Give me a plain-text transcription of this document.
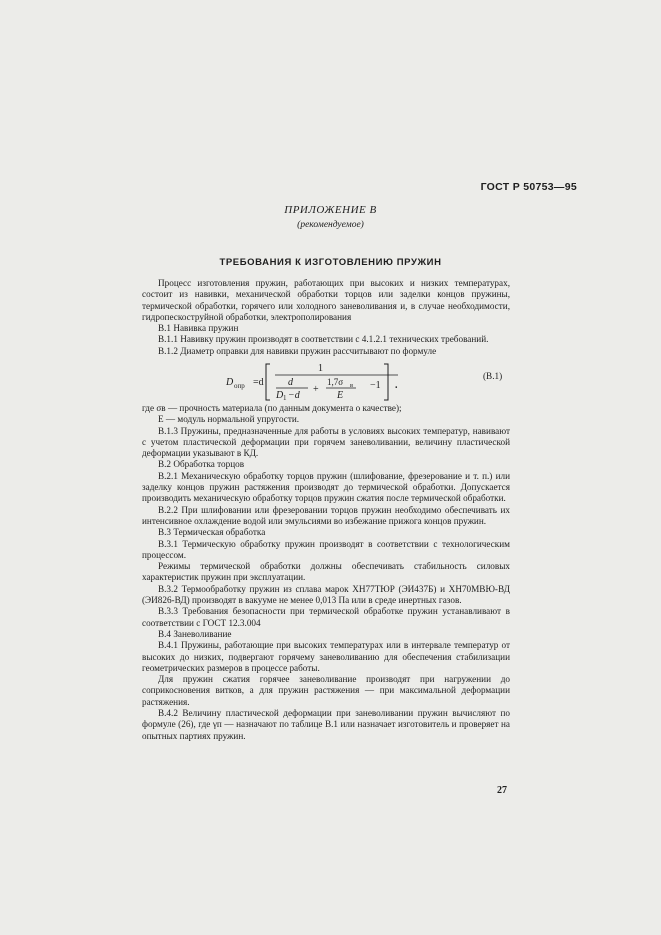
ГОСТ Р 50753—95
ПРИЛОЖЕНИЕ В
(рекомендуемое)
ТРЕБОВАНИЯ К ИЗГОТОВЛЕНИЮ ПРУЖИН

Процесс изготовления пружин, работающих при высоких и низких температурах, состоит из навивки, механической обработки торцов или заделки концов пружины, термической обработки, горячего или холодного заневоливания и, в случае необходимости, гидропескоструйной обработки, электрополирования

В.1 Навивка пружин

В.1.1 Навивку пружин производят в соответствии с 4.1.2.1 технических требований.

В.1.2 Диаметр оправки для навивки пружин рассчитывают по формуле

D опр =d
1
d
D 1 −d
+
1,7σ в
E
−1 .
(В.1)

где σв — прочность материала (по данным документа о качестве);

E — модуль нормальной упругости.

В.1.3 Пружины, предназначенные для работы в условиях высоких температур, навивают с учетом пластической деформации при горячем заневоливании, величину пластической деформации указывают в КД.

В.2 Обработка торцов

В.2.1 Механическую обработку торцов пружин (шлифование, фрезерование и т. п.) или заделку концов пружин растяжения производят до термической обработки. Допускается производить механическую обработку торцов пружин сжатия после термической обработки.

В.2.2 При шлифовании или фрезеровании торцов пружин необходимо обеспечивать их интенсивное охлаждение водой или эмульсиями во избежание прижога концов пружин.

В.3 Термическая обработка

В.3.1 Термическую обработку пружин производят в соответствии с технологическим процессом.

Режимы термической обработки должны обеспечивать стабильность силовых характеристик пружин при эксплуатации.

В.3.2 Термообработку пружин из сплава марок ХН77ТЮР (ЭИ437Б) и ХН70МВЮ-ВД (ЭИ826-ВД) производят в вакууме не менее 0,013 Па или в среде инертных газов.

В.3.3 Требования безопасности при термической обработке пружин устанавливают в соответствии с ГОСТ 12.3.004

В.4 Заневоливание

В.4.1 Пружины, работающие при высоких температурах или в интервале температур от высоких до низких, подвергают горячему заневоливанию для обеспечения стабилизации геометрических размеров в процессе работы.

Для пружин сжатия горячее заневоливание производят при нагружении до соприкосновения витков, а для пружин растяжения — при максимальной деформации растяжения.

В.4.2 Величину пластической деформации при заневоливании пружин вычисляют по формуле (26), где γп — назначают по таблице В.1 или назначает изготовитель и проверяет на опытных партиях пружин.

27
